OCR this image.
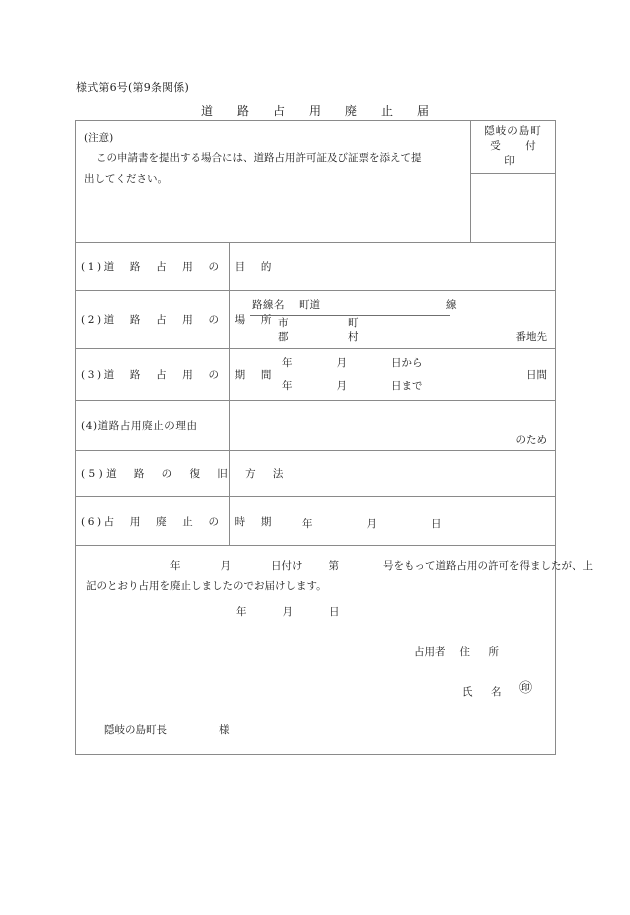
様式第6号(第9条関係)
道　路　占　用　廃　止　届
(注意)
この申請書を提出する場合には、道路占用許可証及び証票を添えて提
出してください。
隠岐の島町
受　付　印
(1)道　路　占　用　の　目　的
(2)道　路　占　用　の　場　所
路線名 町道	線
市
郡
町
村	番地先
(3)道　路　占　用　の　期　間
年	月	日から
年	月	日まで
日間
(4)道路占用廃止の理由
のため
(5)道　路　の　復　旧　方　法
(6)占　用　廃　止　の　時　期	年	月	日
年	月	日付け 第	号をもって道路占用の許可を得ましたが、上
記のとおり占用を廃止しましたのでお届けします。
年	月	日
占用者 住　所
氏　名 ㊞
隠岐の島町長	様
